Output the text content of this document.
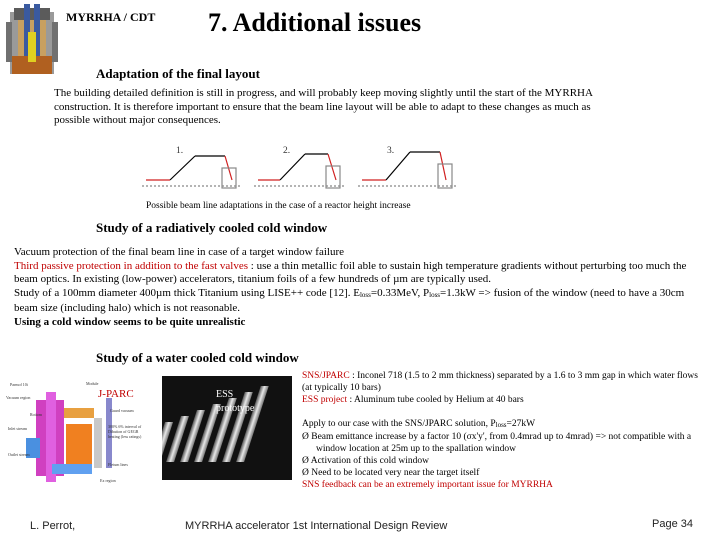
MYRRHA / CDT 7. Additional issues
Adaptation of the final layout
The building detailed definition is still in progress, and will probably keep moving slightly until the start of the MYRRHA construction. It is therefore important to ensure that the beam line layout will be able to adapt to these changes as much as possible without major consequences.
1.	2.	3.
Possible beam line adaptations in the case of a reactor height increase
Study of a radiatively cooled cold window
Vacuum protection of the final beam line in case of a target window failure
Third passive protection in addition to the fast valves : use a thin metallic foil able to sustain high temperature gradients without perturbing too much the beam optics. In existing (low-power) accelerators, titanium foils of a few hundreds of µm are typically used.
Study of a 100mm diameter 400µm thick Titanium using LISE++ code [12]. $E_{loss}=0.33MeV$, $P_{loss}=1.3kW$ => fusion of the window (need to have a 30cm beam size (including halo) which is not reasonable.
Using a cold window seems to be quite unrealistic
Study of a water cooled cold window
Parmof 10i
Vacuum region
Module
Guard vacuum
Inlet stream
Outlet stream
Rottom
Fletum lines
300% 6% interval of Dibution of GEGR heating (less ratings)
Ex region
J-PARC	ESS
prototype
SNS/JPARC : Inconel 718 (1.5 to 2 mm thickness) separated by a 1.6 to 3 mm gap in which water flows (at typically 10 bars)
ESS project : Aluminum tube cooled by Helium at 40 bars
Apply to our case with the SNS/JPARC solution, $P_{loss}=27kW$
Ø Beam emittance increase by a factor 10 (σx'y', from 0.4mrad up to 4mrad) => not compatible with a window location at 25m up to the spallation window
Ø Activation of this cold window
Ø Need to be located very near the target itself
SNS feedback can be an extremely important issue for MYRRHA
L. Perrot,	MYRRHA accelerator 1st International Design Review	Page 34
